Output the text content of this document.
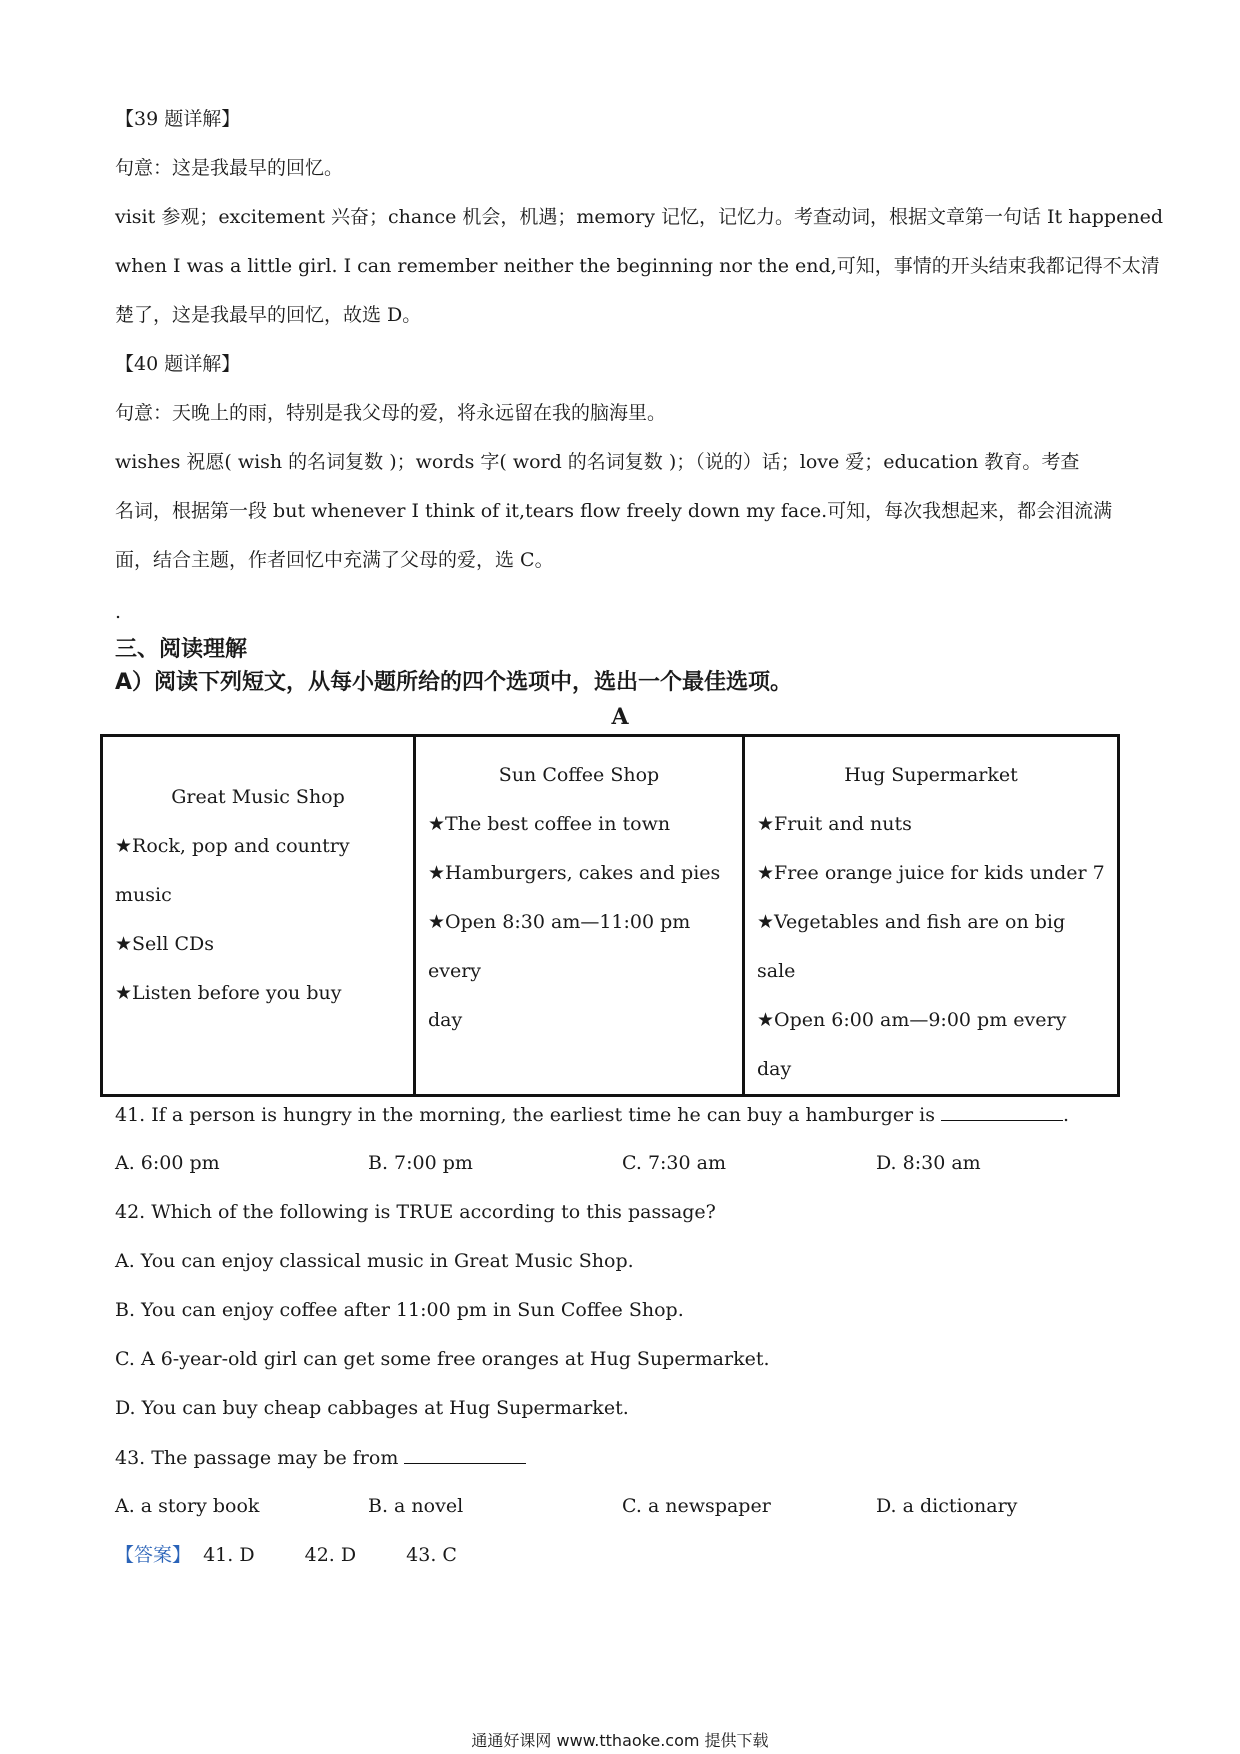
【39 题详解】
句意：这是我最早的回忆。
visit 参观；excitement 兴奋；chance 机会，机遇；memory 记忆，记忆力。考查动词，根据文章第一句话 It happened
when I was a little girl. I can remember neither the beginning nor the end,可知，事情的开头结束我都记得不太清
楚了，这是我最早的回忆，故选 D。
【40 题详解】
句意：天晚上的雨，特别是我父母的爱，将永远留在我的脑海里。
wishes 祝愿( wish 的名词复数 )；words 字( word 的名词复数 )；（说的）话；love 爱；education 教育。考查
名词，根据第一段 but whenever I think of it,tears flow freely down my face.可知，每次我想起来，都会泪流满
面，结合主题，作者回忆中充满了父母的爱，选 C。
.
三、阅读理解
A）阅读下列短文，从每小题所给的四个选项中，选出一个最佳选项。
A
Great Music Shop
★Rock, pop and country music
★Sell CDs
★Listen before you buy

Sun Coffee Shop
★The best coffee in town
★Hamburgers, cakes and pies
★Open 8:30 am—11:00 pm every
day

Hug Supermarket
★Fruit and nuts
★Free orange juice for kids under 7
★Vegetables and fish are on big sale
★Open 6:00 am—9:00 pm every day
41. If a person is hungry in the morning, the earliest time he can buy a hamburger is	.
A. 6:00 pm	B. 7:00 pm	C. 7:30 am	D. 8:30 am
42. Which of the following is TRUE according to this passage?
A. You can enjoy classical music in Great Music Shop.
B. You can enjoy coffee after 11:00 pm in Sun Coffee Shop.
C. A 6-year-old girl can get some free oranges at Hug Supermarket.
D. You can buy cheap cabbages at Hug Supermarket.
43. The passage may be from
A. a story book	B. a novel	C. a newspaper	D. a dictionary
【答案】 41. D	42. D	43. C
通通好课网 www.tthaoke.com 提供下载
